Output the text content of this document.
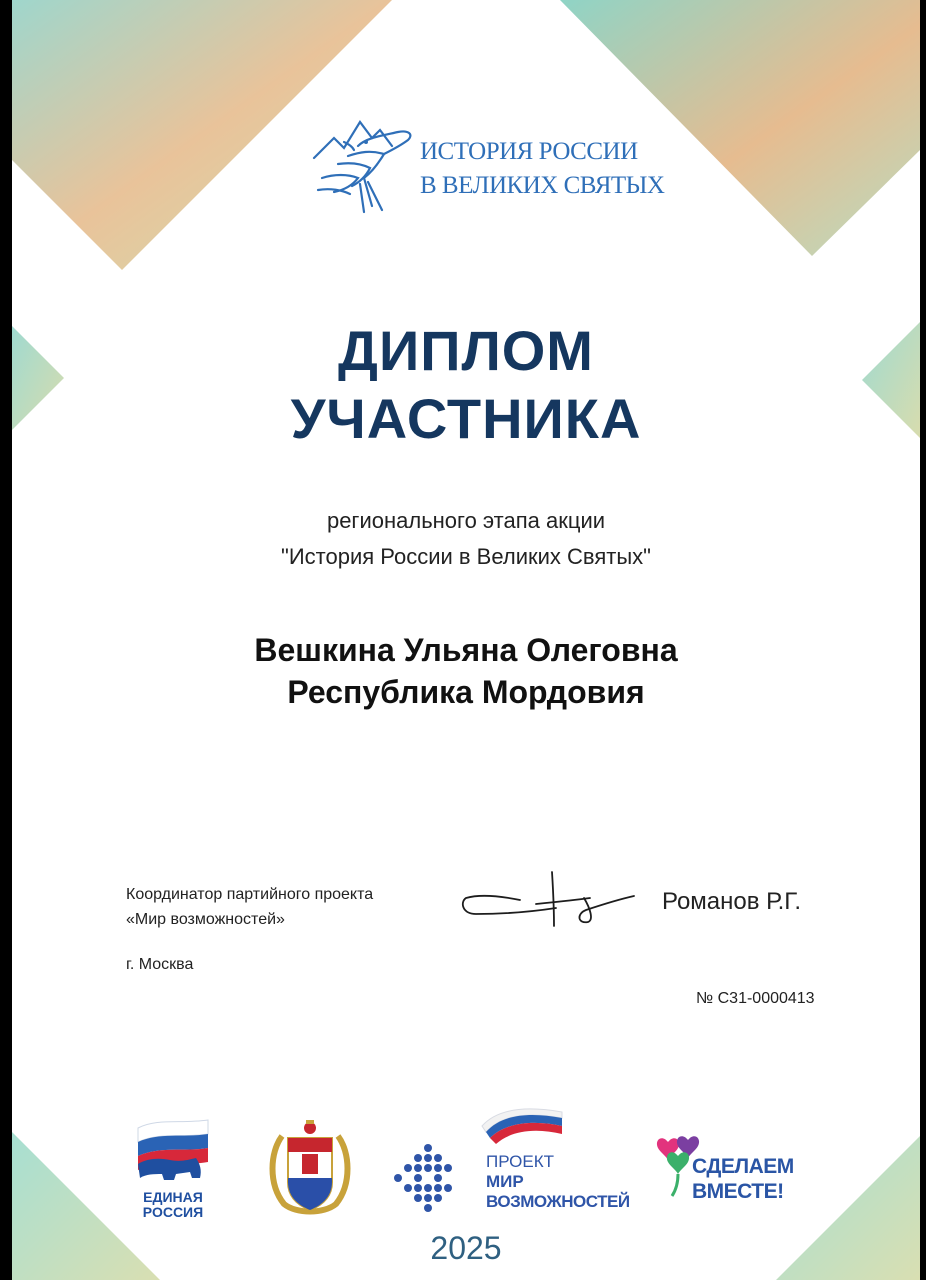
ИСТОРИЯ РОССИИ
В ВЕЛИКИХ СВЯТЫХ
ДИПЛОМ
УЧАСТНИКА
регионального этапа акции
"История России в Великих Святых"
Вешкина Ульяна Олеговна
Республика Мордовия
Координатор партийного проекта
«Мир возможностей»
Романов Р.Г.
г. Москва
№ С31-0000413
ЕДИНАЯ
РОССИЯ
ПРОЕКТ
МИР
ВОЗМОЖНОСТЕЙ
СДЕЛАЕМ
ВМЕСТЕ!
2025
